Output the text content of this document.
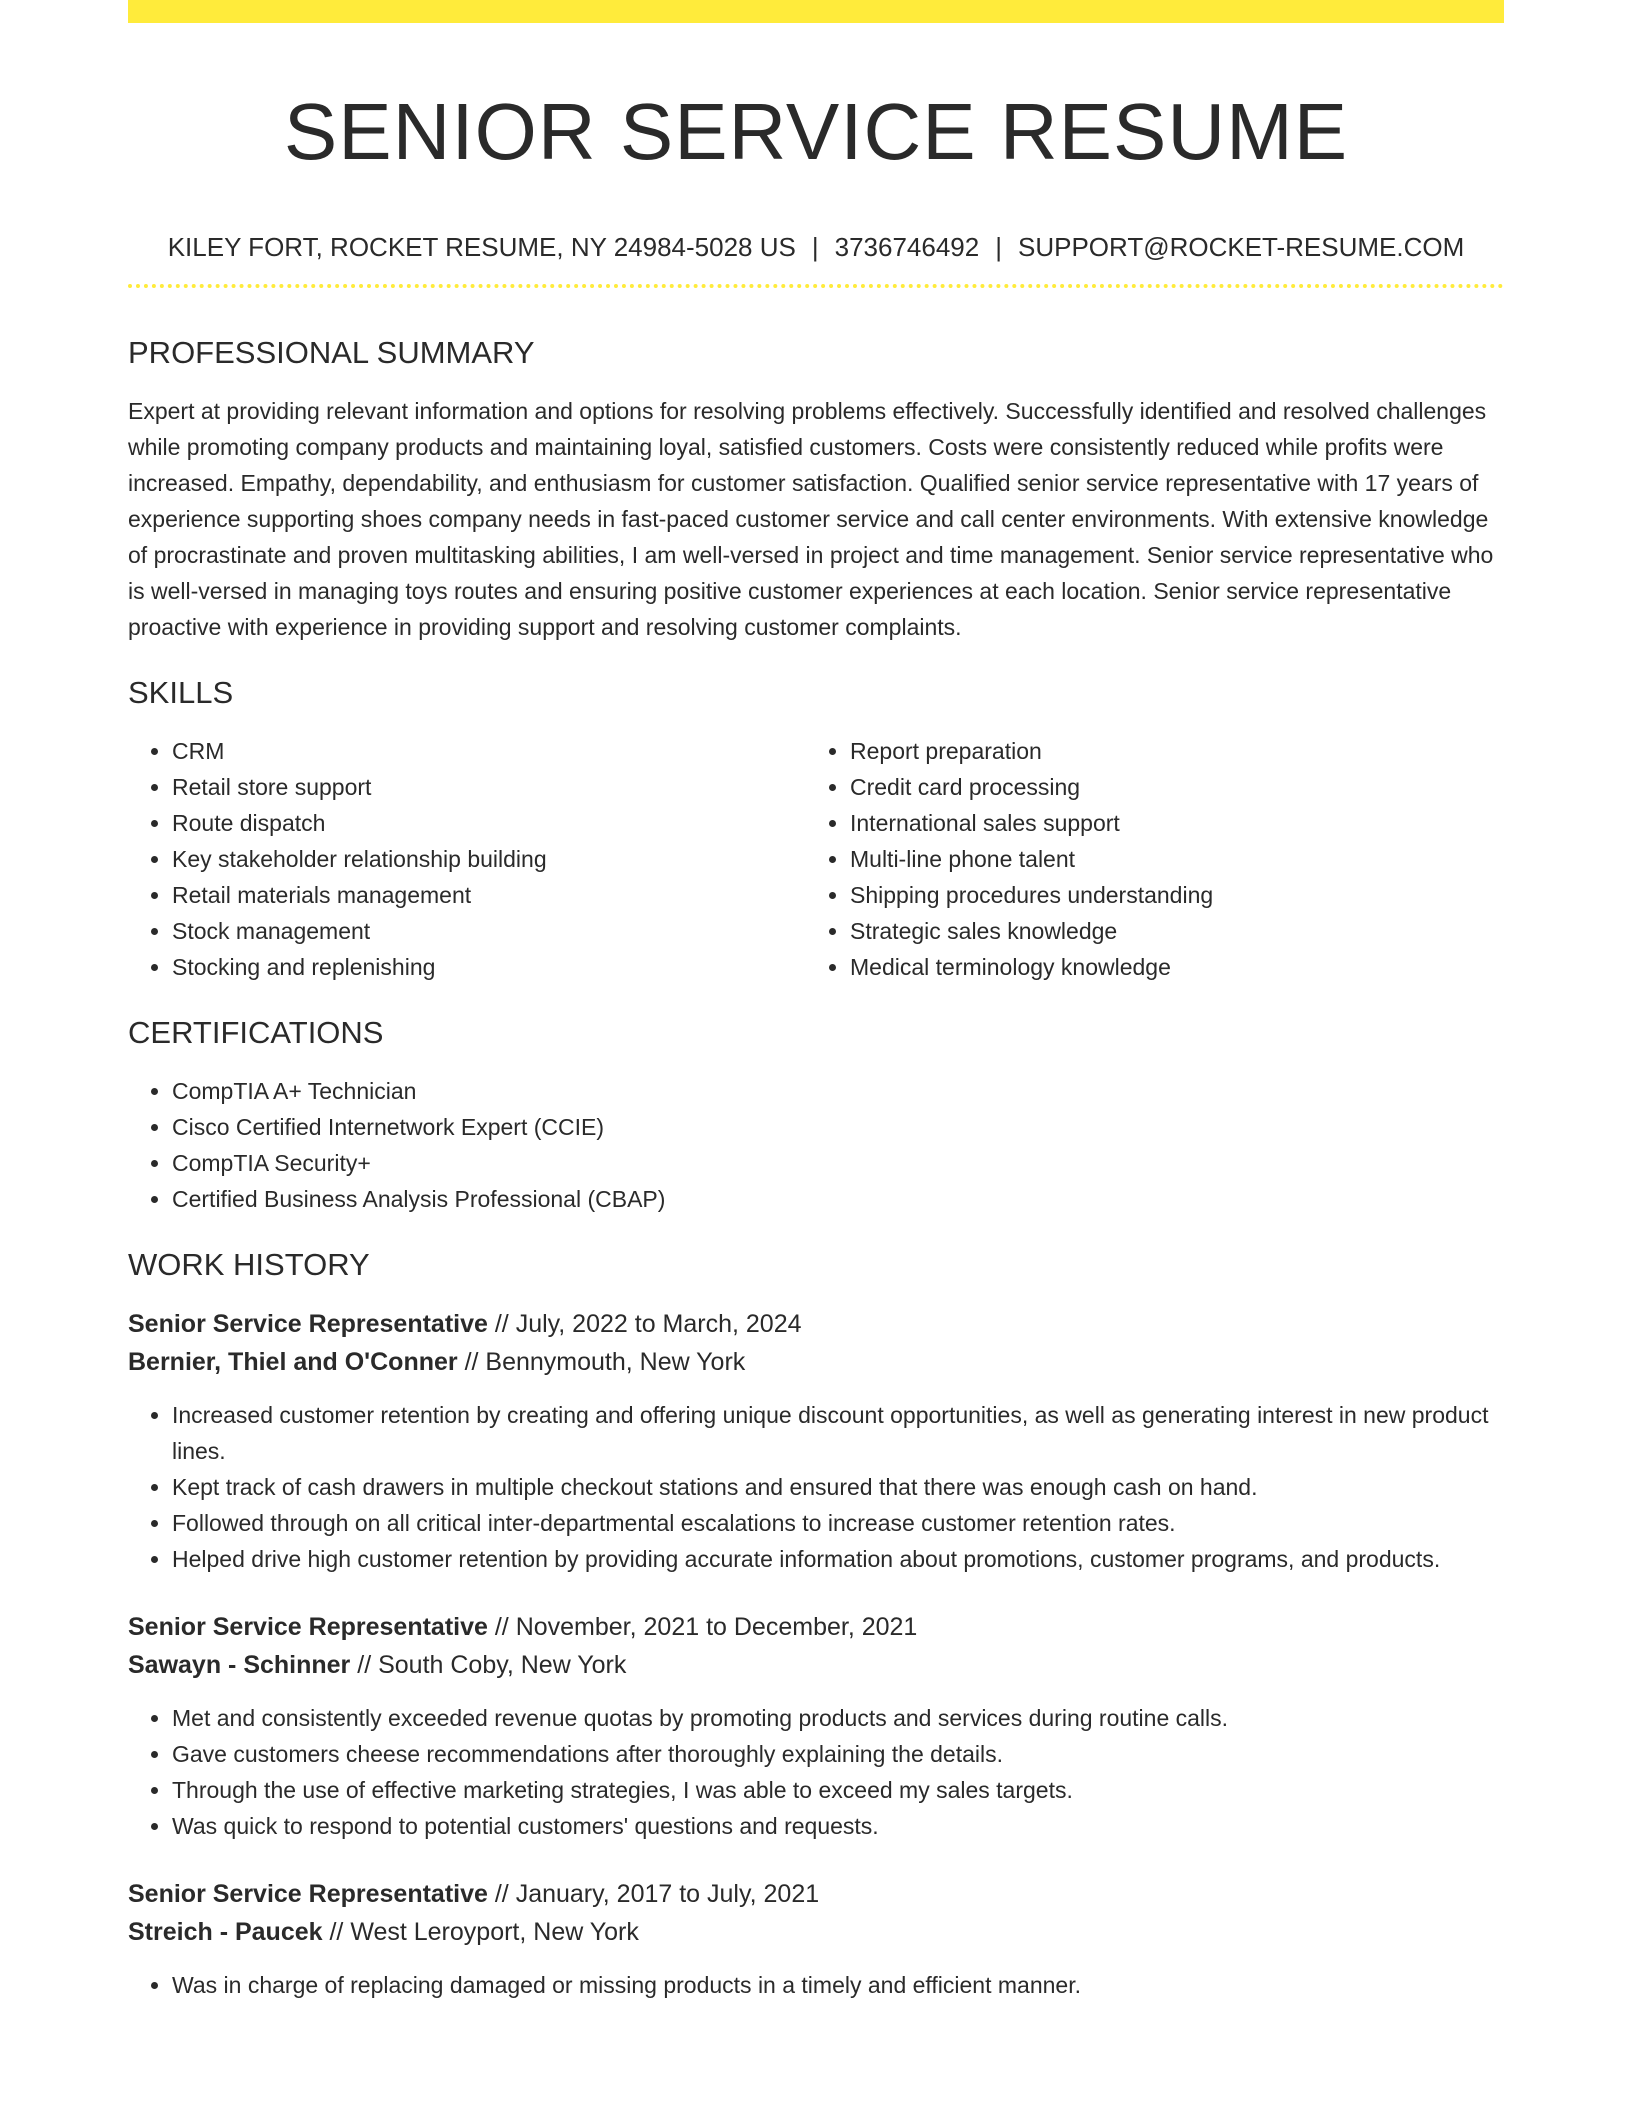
SENIOR SERVICE RESUME
KILEY FORT, ROCKET RESUME, NY 24984-5028 US | 3736746492 | SUPPORT@ROCKET-RESUME.COM
PROFESSIONAL SUMMARY

Expert at providing relevant information and options for resolving problems effectively. Successfully identified and resolved challenges while promoting company products and maintaining loyal, satisfied customers. Costs were consistently reduced while profits were increased. Empathy, dependability, and enthusiasm for customer satisfaction. Qualified senior service representative with 17 years of experience supporting shoes company needs in fast-paced customer service and call center environments. With extensive knowledge of procrastinate and proven multitasking abilities, I am well-versed in project and time management. Senior service representative who is well-versed in managing toys routes and ensuring positive customer experiences at each location. Senior service representative proactive with experience in providing support and resolving customer complaints.

SKILLS
• CRM
• Retail store support
• Route dispatch
• Key stakeholder relationship building
• Retail materials management
• Stock management
• Stocking and replenishing
• Report preparation
• Credit card processing
• International sales support
• Multi-line phone talent
• Shipping procedures understanding
• Strategic sales knowledge
• Medical terminology knowledge
CERTIFICATIONS
• CompTIA A+ Technician
• Cisco Certified Internetwork Expert (CCIE)
• CompTIA Security+
• Certified Business Analysis Professional (CBAP)
WORK HISTORY

Senior Service Representative // July, 2022 to March, 2024

Bernier, Thiel and O'Conner // Bennymouth, New York

• Increased customer retention by creating and offering unique discount opportunities, as well as generating interest in new product lines.
• Kept track of cash drawers in multiple checkout stations and ensured that there was enough cash on hand.
• Followed through on all critical inter-departmental escalations to increase customer retention rates.
• Helped drive high customer retention by providing accurate information about promotions, customer programs, and products.

Senior Service Representative // November, 2021 to December, 2021

Sawayn - Schinner // South Coby, New York

• Met and consistently exceeded revenue quotas by promoting products and services during routine calls.
• Gave customers cheese recommendations after thoroughly explaining the details.
• Through the use of effective marketing strategies, I was able to exceed my sales targets.
• Was quick to respond to potential customers' questions and requests.

Senior Service Representative // January, 2017 to July, 2021

Streich - Paucek // West Leroyport, New York

• Was in charge of replacing damaged or missing products in a timely and efficient manner.
